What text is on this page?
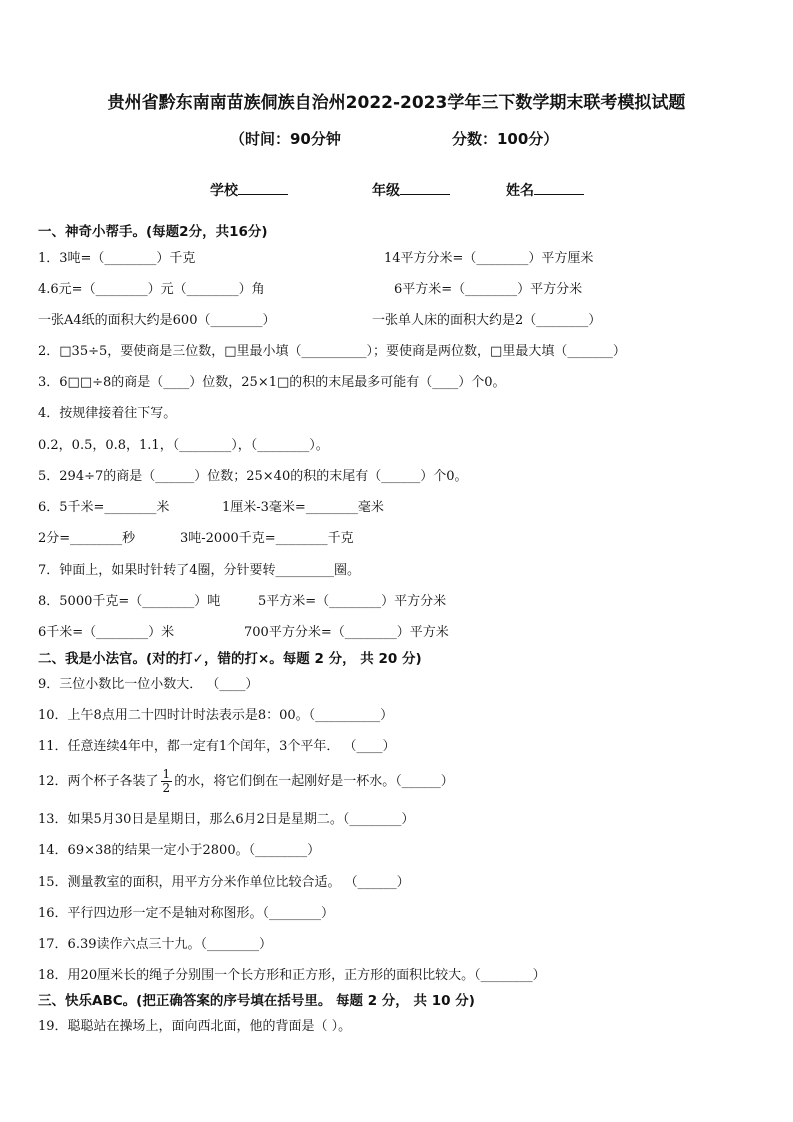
贵州省黔东南南苗族侗族自治州2022-2023学年三下数学期末联考模拟试题
（时间：90分钟	分数：100分）
学校	年级	姓名
一、神奇小帮手。(每题2分，共16分)
1．3吨=（________）千克	14平方分米=（________）平方厘米
4.6元=（________）元（________）角	6平方米=（________）平方分米
一张A4纸的面积大约是600（________）	一张单人床的面积大约是2（________）
2．□35÷5，要使商是三位数，□里最小填（__________）；要使商是两位数，□里最大填（_______）
3．6□□÷8的商是（____）位数，25×1□的积的末尾最多可能有（____）个0。
4．按规律接着往下写。
0.2，0.5，0.8，1.1，（________），（________）。
5．294÷7的商是（______）位数；25×40的积的末尾有（______）个0。
6．5千米=________米	1厘米-3毫米=________毫米
2分=________秒	3吨-2000千克=________千克
7．钟面上，如果时针转了4圈，分针要转_________圈。
8．5000千克=（________）吨	5平方米=（________）平方分米
6千米=（________）米	700平方分米=（________）平方米
二、我是小法官。(对的打✓，错的打×。每题 2 分， 共 20 分)
9．三位小数比一位小数大． （____）
10．上午8点用二十四时计时法表示是8：00。（__________）
11．任意连续4年中，都一定有1个闰年，3个平年． （____）
12．两个杯子各装了 $\frac{1}{2}$ 的水，将它们倒在一起刚好是一杯水。（______）
13．如果5月30日是星期日，那么6月2日是星期二。（________）
14．69×38的结果一定小于2800。（________）
15．测量教室的面积，用平方分米作单位比较合适。 （______）
16．平行四边形一定不是轴对称图形。（________）
17．6.39读作六点三十九。（________）
18．用20厘米长的绳子分别围一个长方形和正方形，正方形的面积比较大。（________）
三、快乐ABC。(把正确答案的序号填在括号里。 每题 2 分， 共 10 分)
19．聪聪站在操场上，面向西北面，他的背面是（ ）。
